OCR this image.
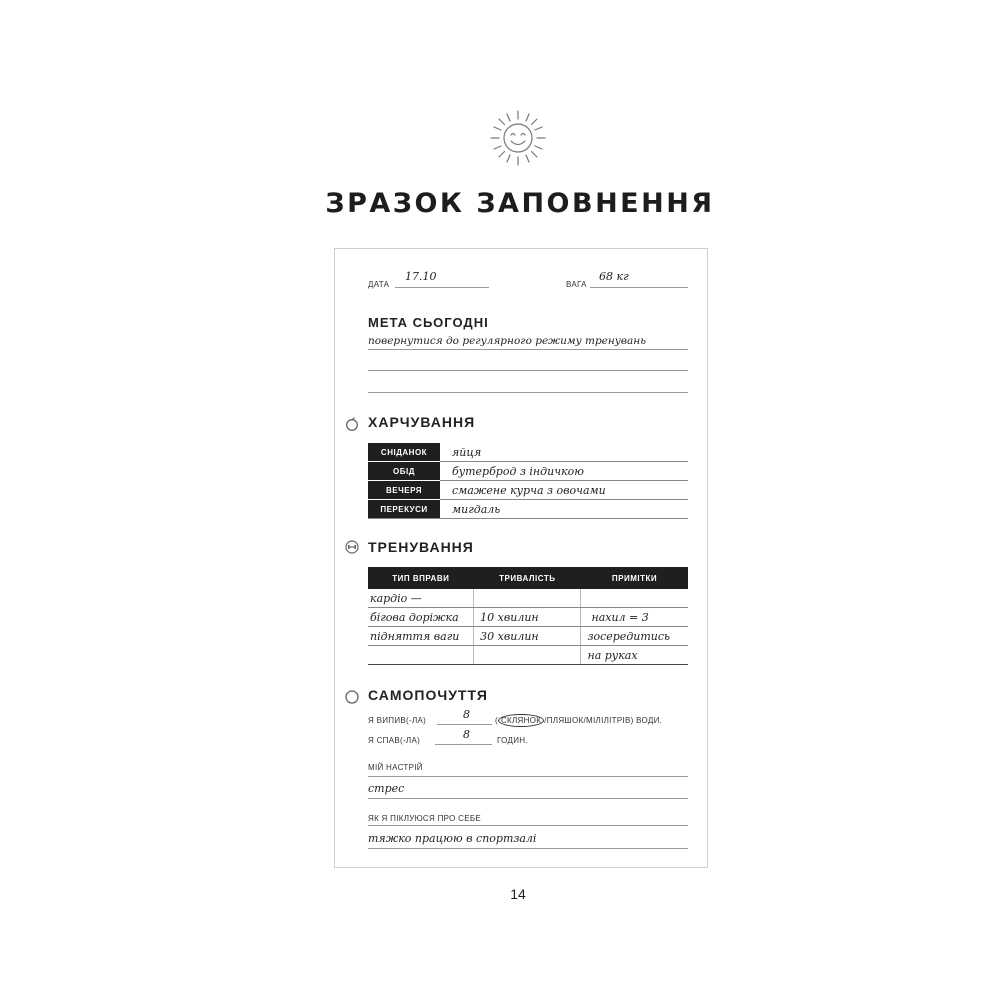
ЗРАЗОК ЗАПОВНЕННЯ
ДАТА
17.10
ВАГА
68 кг
МЕТА СЬОГОДНІ
повернутися до регулярного режиму тренувань
ХАРЧУВАННЯ
СНІДАНОК	яйця
ОБІД	бутерброд з індичкою
ВЕЧЕРЯ	смажене курча з овочами
ПЕРЕКУСИ	мигдаль
ТРЕНУВАННЯ
ТИП ВПРАВИ	ТРИВАЛІСТЬ	ПРИМІТКИ
кардіо —		
бігова доріжка	10 хвилин	нахил = 3
підняття ваги	30 хвилин	зосередитись
		на руках
САМОПОЧУТТЯ
Я ВИПИВ(-ЛА)	8	( СКЛЯНОК /ПЛЯШОК/МІЛІЛІТРІВ) ВОДИ.
Я СПАВ(-ЛА)	8	ГОДИН.
МІЙ НАСТРІЙ
стрес
ЯК Я ПІКЛУЮСЯ ПРО СЕБЕ
тяжко працюю в спортзалі
14
